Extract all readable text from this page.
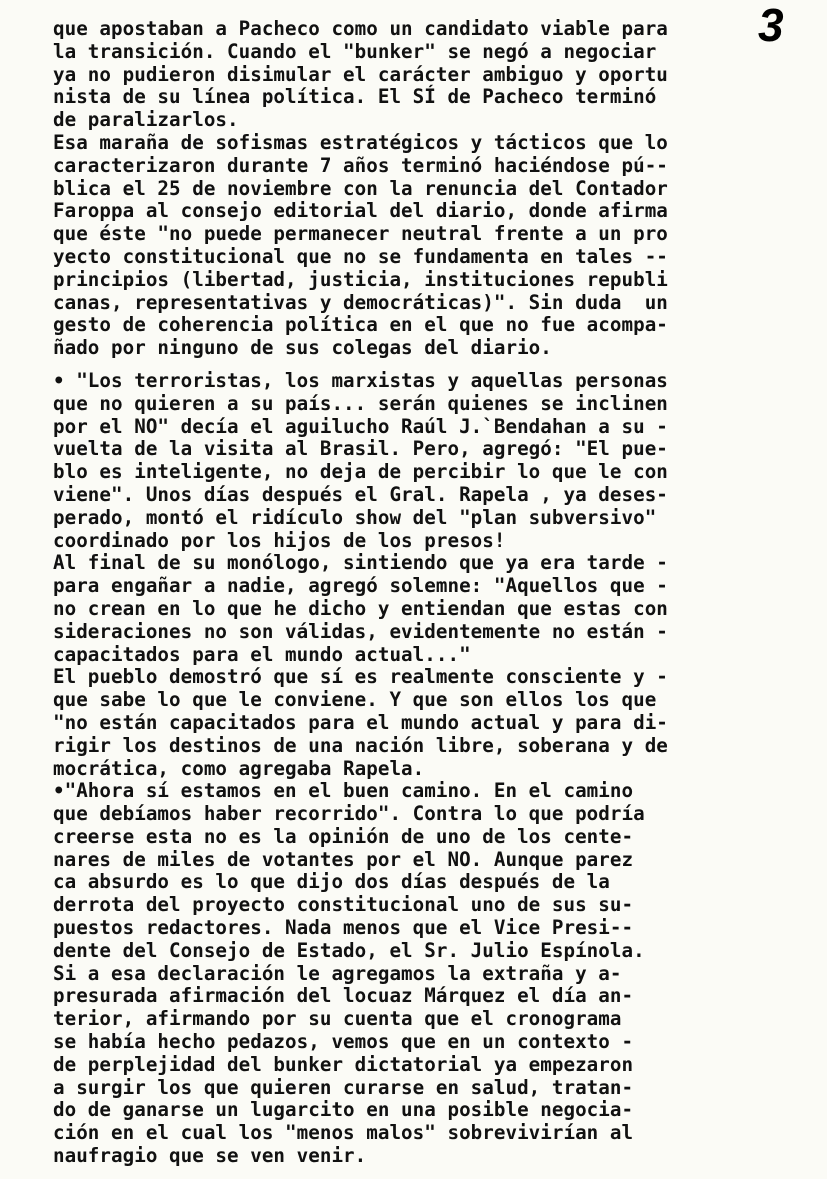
3
que apostaban a Pacheco como un candidato viable para
la transición. Cuando el "bunker" se negó a negociar
ya no pudieron disimular el carácter ambiguo y oportu
nista de su línea política. El SÍ de Pacheco terminó
de paralizarlos.
Esa maraña de sofismas estratégicos y tácticos que lo
caracterizaron durante 7 años terminó haciéndose pú--
blica el 25 de noviembre con la renuncia del Contador
Faroppa al consejo editorial del diario, donde afirma
que éste "no puede permanecer neutral frente a un pro
yecto constitucional que no se fundamenta en tales --
principios (libertad, justicia, instituciones republi
canas, representativas y democráticas)". Sin duda  un
gesto de coherencia política en el que no fue acompa-
ñado por ninguno de sus colegas del diario.
• "Los terroristas, los marxistas y aquellas personas
que no quieren a su país... serán quienes se inclinen
por el NO" decía el aguilucho Raúl J.`Bendahan a su -
vuelta de la visita al Brasil. Pero, agregó: "El pue-
blo es inteligente, no deja de percibir lo que le con
viene". Unos días después el Gral. Rapela , ya deses-
perado, montó el ridículo show del "plan subversivo"
coordinado por los hijos de los presos!
Al final de su monólogo, sintiendo que ya era tarde -
para engañar a nadie, agregó solemne: "Aquellos que -
no crean en lo que he dicho y entiendan que estas con
sideraciones no son válidas, evidentemente no están -
capacitados para el mundo actual..."
El pueblo demostró que sí es realmente consciente y -
que sabe lo que le conviene. Y que son ellos los que
"no están capacitados para el mundo actual y para di-
rigir los destinos de una nación libre, soberana y de
mocrática, como agregaba Rapela.
•"Ahora sí estamos en el buen camino. En el camino
que debíamos haber recorrido". Contra lo que podría
creerse esta no es la opinión de uno de los cente-
nares de miles de votantes por el NO. Aunque parez
ca absurdo es lo que dijo dos días después de la
derrota del proyecto constitucional uno de sus su-
puestos redactores. Nada menos que el Vice Presi--
dente del Consejo de Estado, el Sr. Julio Espínola.
Si a esa declaración le agregamos la extraña y a-
presurada afirmación del locuaz Márquez el día an-
terior, afirmando por su cuenta que el cronograma
se había hecho pedazos, vemos que en un contexto -
de perplejidad del bunker dictatorial ya empezaron
a surgir los que quieren curarse en salud, tratan-
do de ganarse un lugarcito en una posible negocia-
ción en el cual los "menos malos" sobrevivirían al
naufragio que se ven venir.
